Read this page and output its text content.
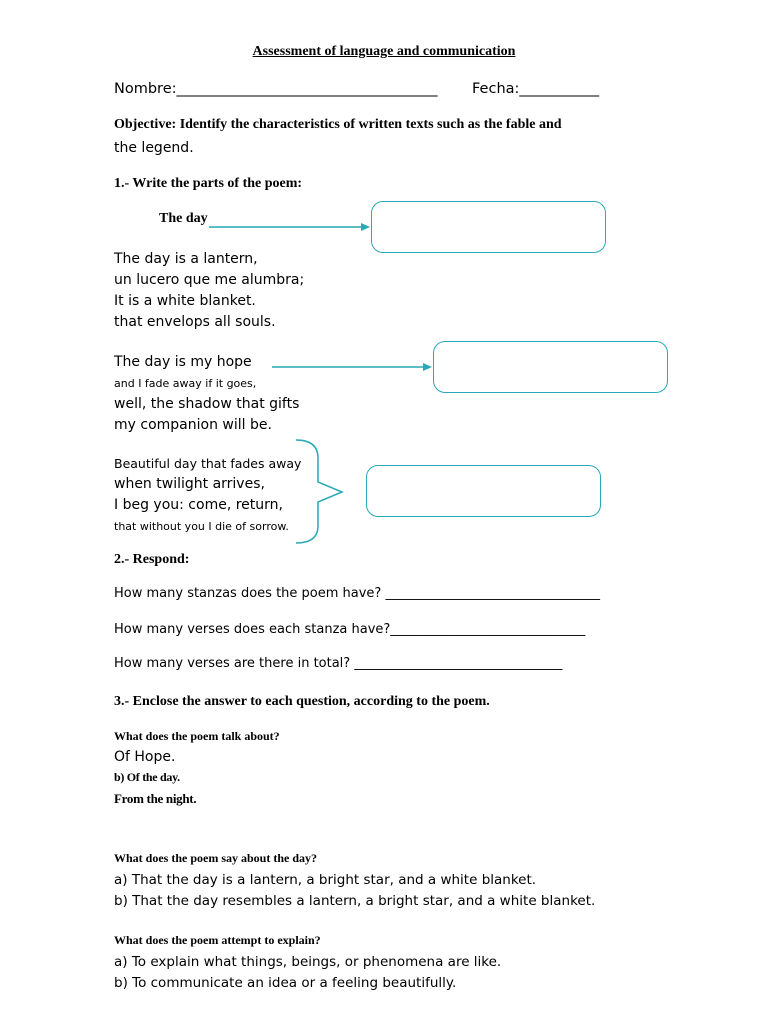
Assessment of language and communication
Nombre:____________________________________ Fecha:___________
Objective: Identify the characteristics of written texts such as the fable and
the legend.
1.- Write the parts of the poem:
The day
The day is a lantern,
un lucero que me alumbra;
It is a white blanket.
that envelops all souls.
The day is my hope
and I fade away if it goes,
well, the shadow that gifts
my companion will be.
Beautiful day that fades away
when twilight arrives,
I beg you: come, return,
that without you I die of sorrow.
2.- Respond:
How many stanzas does the poem have? _________________________________
How many verses does each stanza have?______________________________
How many verses are there in total? ________________________________
3.- Enclose the answer to each question, according to the poem.
What does the poem talk about?
Of Hope.
b) Of the day.
From the night.
What does the poem say about the day?
a) That the day is a lantern, a bright star, and a white blanket.
b) That the day resembles a lantern, a bright star, and a white blanket.
What does the poem attempt to explain?
a) To explain what things, beings, or phenomena are like.
b) To communicate an idea or a feeling beautifully.
